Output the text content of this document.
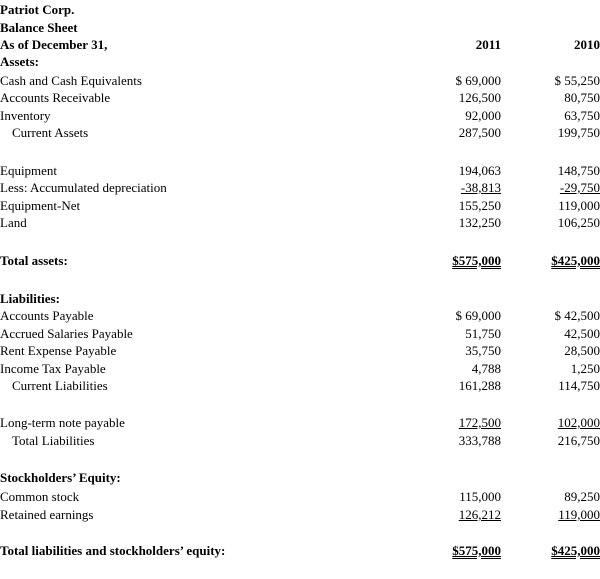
Patriot Corp.
Balance Sheet
As of December 31,	2011	2010
Assets:
Cash and Cash Equivalents	$ 69,000	$ 55,250
Accounts Receivable	126,500	80,750
Inventory	92,000	63,750
Current Assets	287,500	199,750
Equipment	194,063	148,750
Less: Accumulated depreciation	-38,813	-29,750
Equipment-Net	155,250	119,000
Land	132,250	106,250
Total assets:	$575,000	$425,000
Liabilities:
Accounts Payable	$ 69,000	$ 42,500
Accrued Salaries Payable	51,750	42,500
Rent Expense Payable	35,750	28,500
Income Tax Payable	4,788	1,250
Current Liabilities	161,288	114,750
Long-term note payable	172,500	102,000
Total Liabilities	333,788	216,750
Stockholders’ Equity:
Common stock	115,000	89,250
Retained earnings	126,212	119,000
Total liabilities and stockholders’ equity:	$575,000	$425,000
